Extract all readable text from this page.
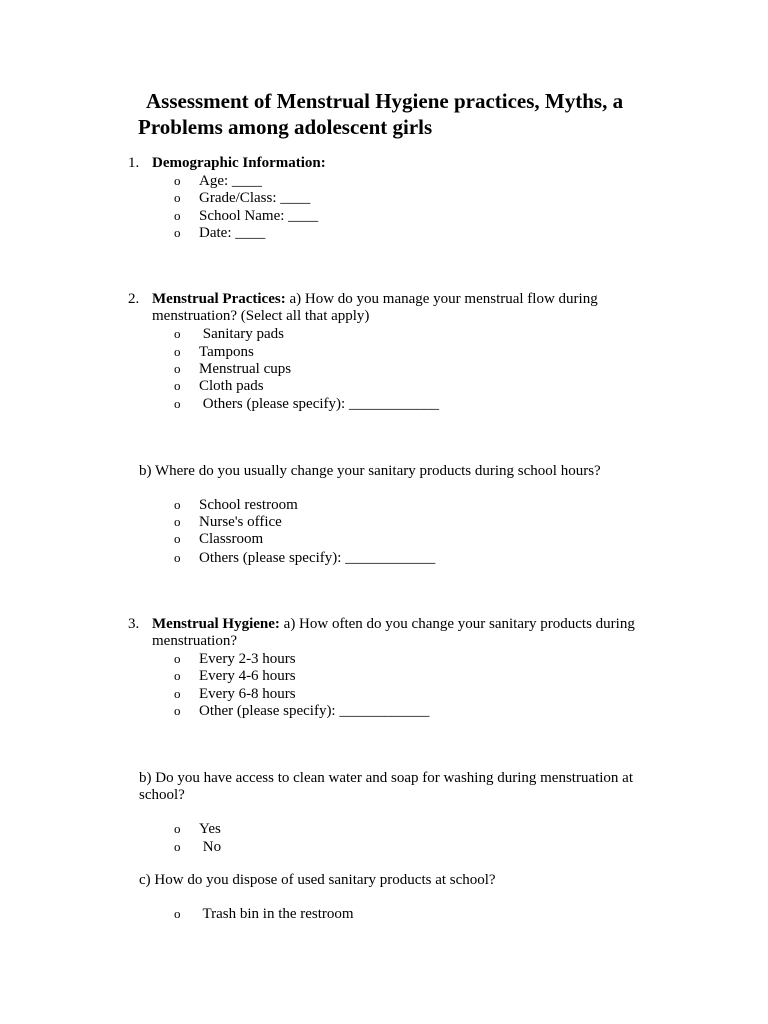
Assessment of Menstrual Hygiene practices, Myths, a
Problems among adolescent girls
1. Demographic Information:
o Age: ____
o Grade/Class: ____
o School Name: ____
o Date: ____
2. Menstrual Practices: a) How do you manage your menstrual flow during
menstruation? (Select all that apply)
o Sanitary pads
o Tampons
o Menstrual cups
o Cloth pads
o Others (please specify): ____________
b) Where do you usually change your sanitary products during school hours?
o School restroom
o Nurse's office
o Classroom
o Others (please specify): ____________
3. Menstrual Hygiene: a) How often do you change your sanitary products during
menstruation?
o Every 2-3 hours
o Every 4-6 hours
o Every 6-8 hours
o Other (please specify): ____________
b) Do you have access to clean water and soap for washing during menstruation at
school?
o Yes
o No
c) How do you dispose of used sanitary products at school?
o Trash bin in the restroom
